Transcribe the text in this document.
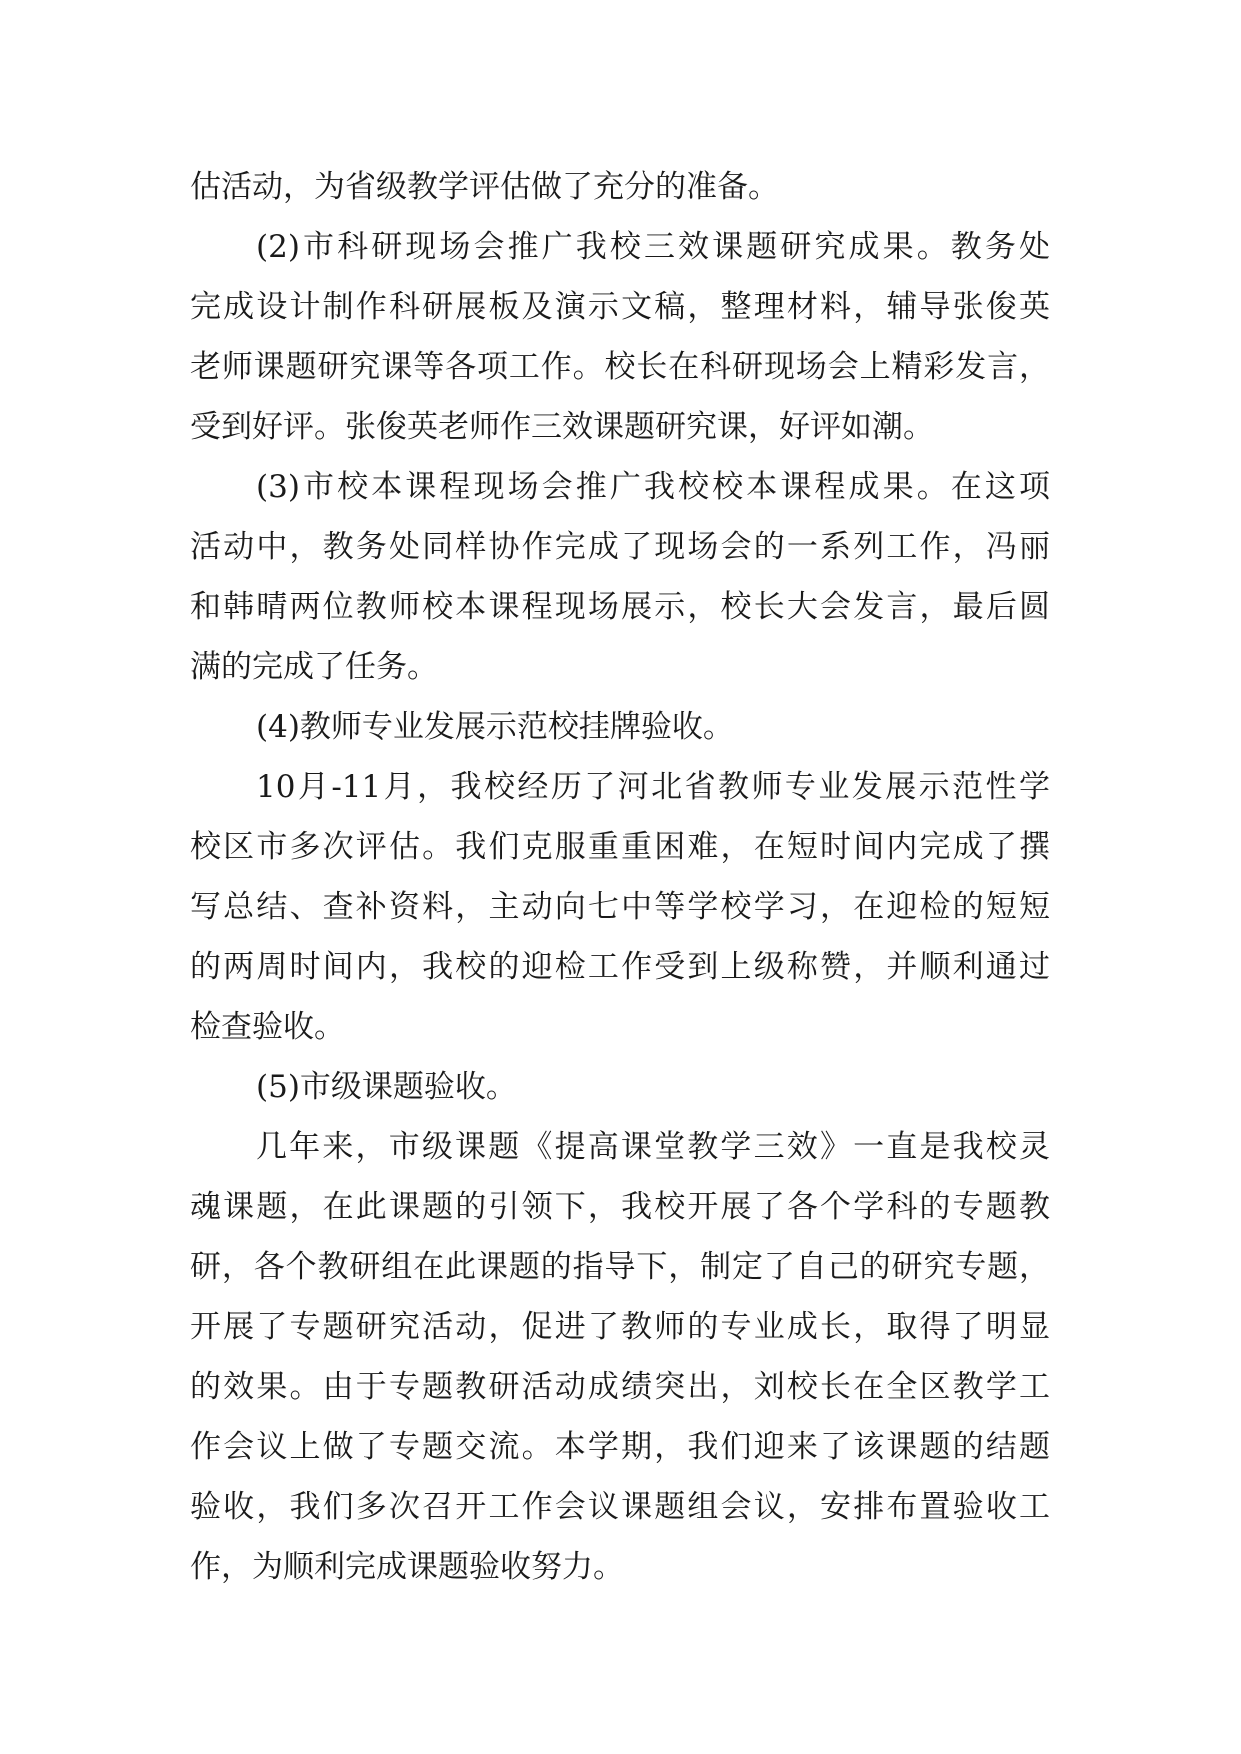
估活动，为省级教学评估做了充分的准备。
(2)市科研现场会推广我校三效课题研究成果。教务处
完成设计制作科研展板及演示文稿，整理材料，辅导张俊英
老师课题研究课等各项工作。校长在科研现场会上精彩发言，
受到好评。张俊英老师作三效课题研究课，好评如潮。
(3)市校本课程现场会推广我校校本课程成果。在这项
活动中，教务处同样协作完成了现场会的一系列工作，冯丽
和韩晴两位教师校本课程现场展示，校长大会发言，最后圆
满的完成了任务。
(4)教师专业发展示范校挂牌验收。
10月-11月，我校经历了河北省教师专业发展示范性学
校区市多次评估。我们克服重重困难，在短时间内完成了撰
写总结、查补资料，主动向七中等学校学习，在迎检的短短
的两周时间内，我校的迎检工作受到上级称赞，并顺利通过
检查验收。
(5)市级课题验收。
几年来，市级课题《提高课堂教学三效》一直是我校灵
魂课题，在此课题的引领下，我校开展了各个学科的专题教
研，各个教研组在此课题的指导下，制定了自己的研究专题，
开展了专题研究活动，促进了教师的专业成长，取得了明显
的效果。由于专题教研活动成绩突出，刘校长在全区教学工
作会议上做了专题交流。本学期，我们迎来了该课题的结题
验收，我们多次召开工作会议课题组会议，安排布置验收工
作，为顺利完成课题验收努力。
